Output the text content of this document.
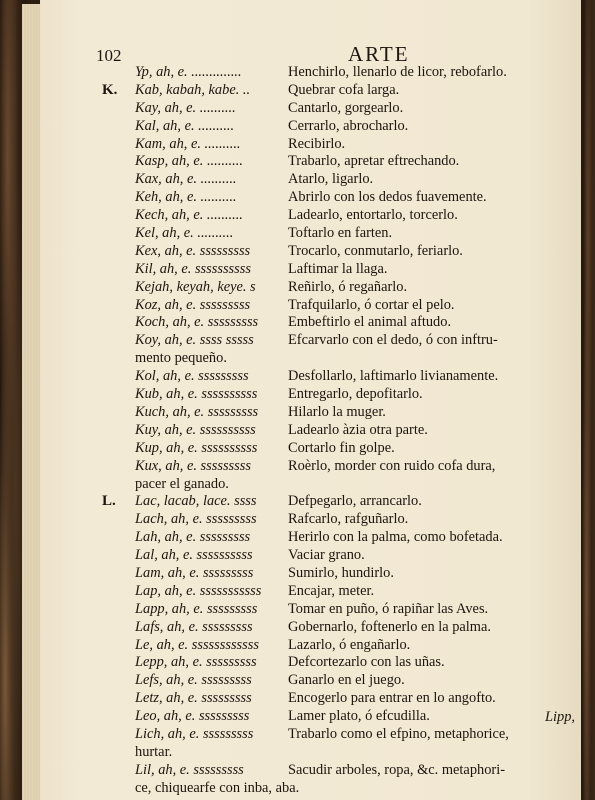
102	ARTE
Yp, ah, e. ..............	Henchirlo, llenarlo de licor, rebofarlo.
K.	Kab, kabah, kabe. ..	Quebrar cofa larga.
Kay, ah, e. ..........	Cantarlo, gorgearlo.
Kal, ah, e. ..........	Cerrarlo, abrocharlo.
Kam, ah, e. ..........	Recibirlo.
Kasp, ah, e. ..........	Trabarlo, apretar eftrechando.
Kax, ah, e. ..........	Atarlo, ligarlo.
Keh, ah, e. ..........	Abrirlo con los dedos fuavemente.
Kech, ah, e. ..........	Ladearlo, entortarlo, torcerlo.
Kel, ah, e. ..........	Toftarlo en farten.
Kex, ah, e. sssssssss	Trocarlo, conmutarlo, feriarlo.
Kil, ah, e. ssssssssss	Laftimar la llaga.
Kejah, keyah, keye. s Reñirlo, ó regañarlo.
Koz, ah, e. sssssssss	Trafquilarlo, ó cortar el pelo.
Koch, ah, e. sssssssss Embeftirlo el animal aftudo.
Koy, ah, e. ssss sssss Efcarvarlo con el dedo, ó con inftru-
mento pequeño.
Kol, ah, e. sssssssss	Desfollarlo, laftimarlo livianamente.
Kub, ah, e. ssssssssss Entregarlo, depofitarlo.
Kuch, ah, e. sssssssss Hilarlo la muger.
Kuy, ah, e. ssssssssss Ladearlo àzia otra parte.
Kup, ah, e. ssssssssss Cortarlo fin golpe.
Kux, ah, e. sssssssss	Roèrlo, morder con ruido cofa dura,
pacer el ganado.
L.	Lac, lacab, lace. ssss Defpegarlo, arrancarlo.
Lach, ah, e. sssssssss Rafcarlo, rafguñarlo.
Lah, ah, e. sssssssss	Herirlo con la palma, como bofetada.
Lal, ah, e. ssssssssss Vaciar grano.
Lam, ah, e. sssssssss Sumirlo, hundirlo.
Lap, ah, e. sssssssssss Encajar, meter.
Lapp, ah, e. sssssssss Tomar en puño, ó rapiñar las Aves.
Lafs, ah, e. sssssssss Gobernarlo, foftenerlo en la palma.
Le, ah, e. ssssssssssss Lazarlo, ó engañarlo.
Lepp, ah, e. sssssssss Defcortezarlo con las uñas.
Lefs, ah, e. sssssssss	Ganarlo en el juego.
Letz, ah, e. sssssssss	Encogerlo para entrar en lo angofto.
Leo, ah, e. sssssssss	Lamer plato, ó efcudilla.
Lich, ah, e. sssssssss Trabarlo como el efpino, metaphorice,
hurtar.
Lil, ah, e. sssssssss	Sacudir arboles, ropa, &c. metaphori-
ce, chiquearfe con inba, aba.
Lipp,
